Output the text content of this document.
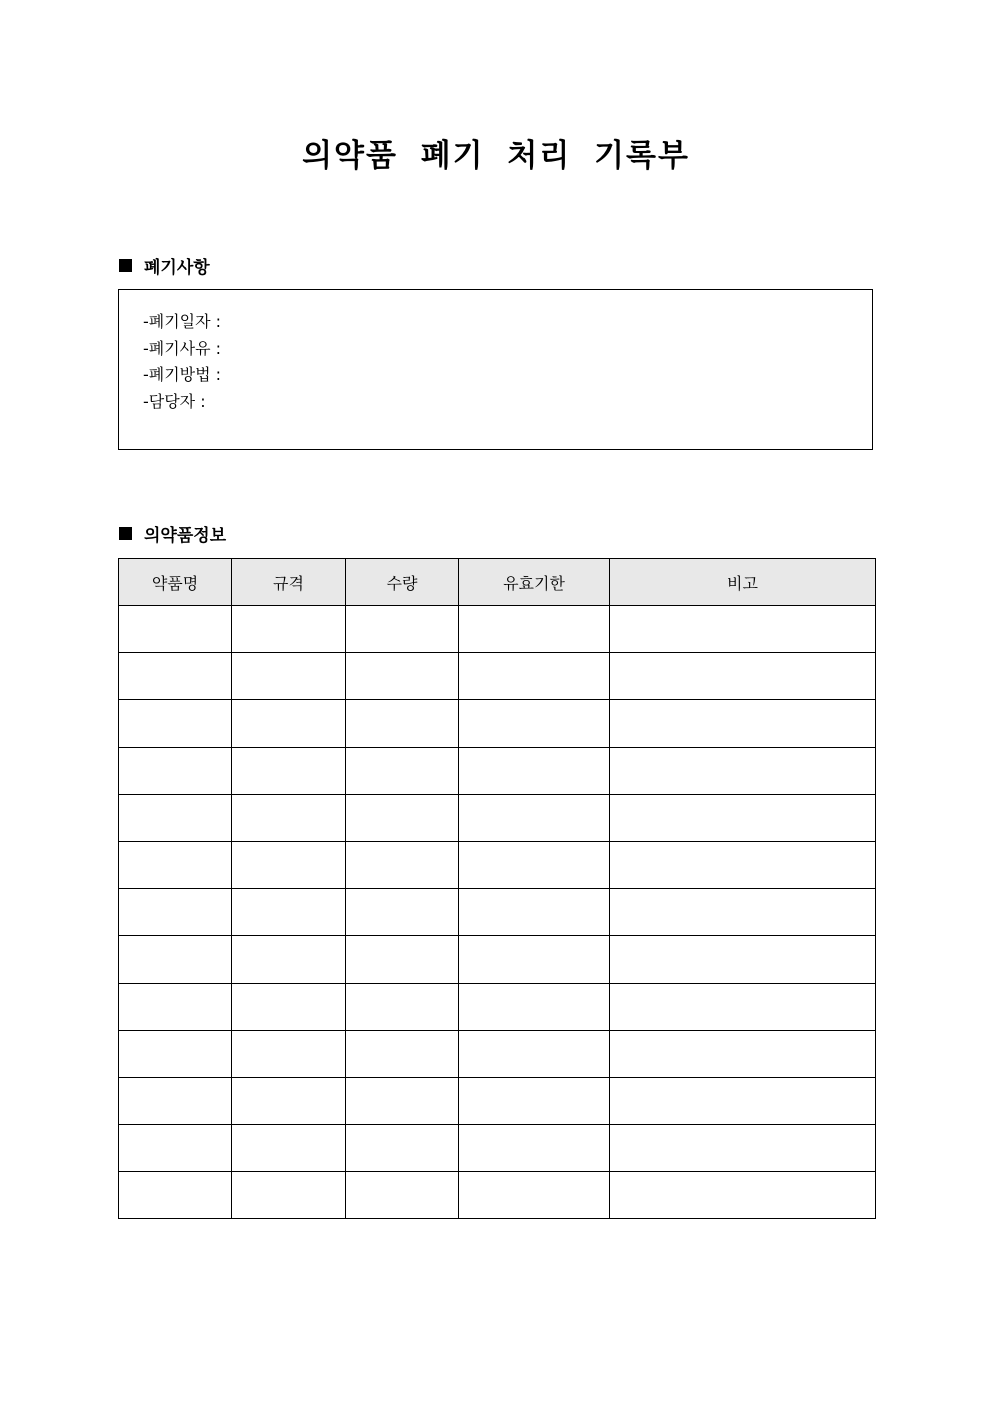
의약품 폐기 처리 기록부
폐기사항
-폐기일자 :
-폐기사유 :
-폐기방법 :
-담당자 :
의약품정보
약품명	규격	수량	유효기한	비고
